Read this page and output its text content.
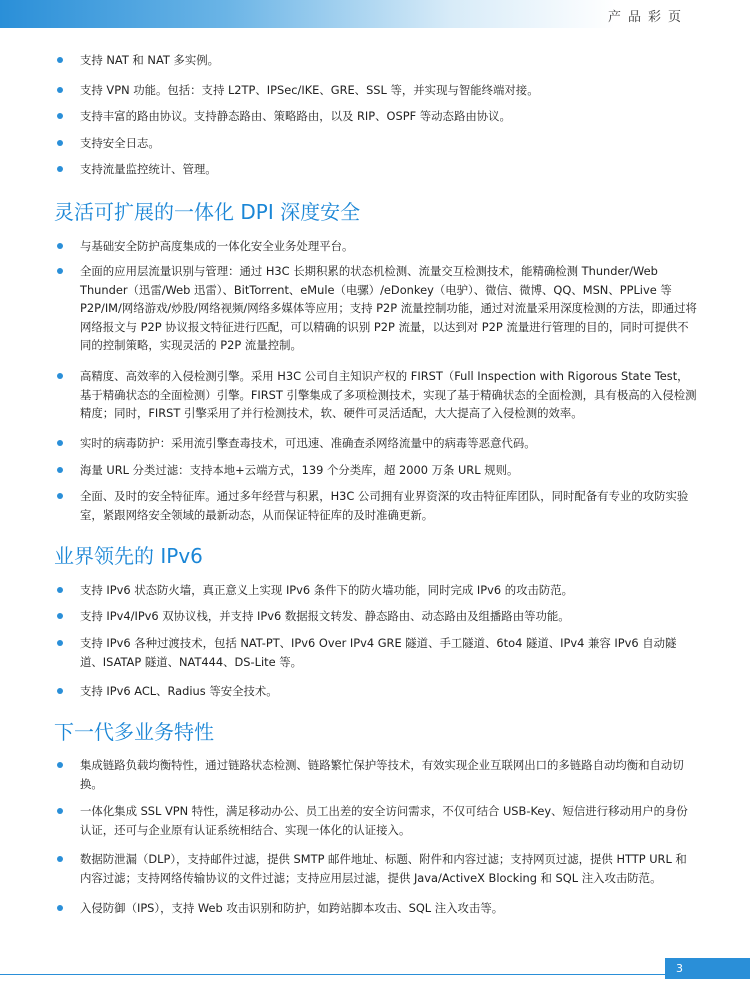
产品彩页
支持 NAT 和 NAT 多实例。
支持 VPN 功能。包括：支持 L2TP、IPSec/IKE、GRE、SSL 等，并实现与智能终端对接。
支持丰富的路由协议。支持静态路由、策略路由，以及 RIP、OSPF 等动态路由协议。
支持安全日志。
支持流量监控统计、管理。
灵活可扩展的一体化 DPI 深度安全
与基础安全防护高度集成的一体化安全业务处理平台。
全面的应用层流量识别与管理：通过 H3C 长期积累的状态机检测、流量交互检测技术，能精确检测 Thunder/Web Thunder（迅雷/Web 迅雷）、BitTorrent、eMule（电骡）/eDonkey（电驴）、微信、微博、QQ、MSN、PPLive 等 P2P/IM/网络游戏/炒股/网络视频/网络多媒体等应用；支持 P2P 流量控制功能，通过对流量采用深度检测的方法，即通过将网络报文与 P2P 协议报文特征进行匹配，可以精确的识别 P2P 流量，以达到对 P2P 流量进行管理的目的，同时可提供不同的控制策略，实现灵活的 P2P 流量控制。
高精度、高效率的入侵检测引擎。采用 H3C 公司自主知识产权的 FIRST（Full Inspection with Rigorous State Test，基于精确状态的全面检测）引擎。FIRST 引擎集成了多项检测技术，实现了基于精确状态的全面检测，具有极高的入侵检测精度；同时，FIRST 引擎采用了并行检测技术，软、硬件可灵活适配，大大提高了入侵检测的效率。
实时的病毒防护：采用流引擎查毒技术，可迅速、准确查杀网络流量中的病毒等恶意代码。
海量 URL 分类过滤：支持本地+云端方式，139 个分类库，超 2000 万条 URL 规则。
全面、及时的安全特征库。通过多年经营与积累，H3C 公司拥有业界资深的攻击特征库团队，同时配备有专业的攻防实验室，紧跟网络安全领域的最新动态，从而保证特征库的及时准确更新。
业界领先的 IPv6
支持 IPv6 状态防火墙，真正意义上实现 IPv6 条件下的防火墙功能，同时完成 IPv6 的攻击防范。
支持 IPv4/IPv6 双协议栈，并支持 IPv6 数据报文转发、静态路由、动态路由及组播路由等功能。
支持 IPv6 各种过渡技术，包括 NAT-PT、IPv6 Over IPv4 GRE 隧道、手工隧道、6to4 隧道、IPv4 兼容 IPv6 自动隧道、ISATAP 隧道、NAT444、DS-Lite 等。
支持 IPv6 ACL、Radius 等安全技术。
下一代多业务特性
集成链路负载均衡特性，通过链路状态检测、链路繁忙保护等技术，有效实现企业互联网出口的多链路自动均衡和自动切换。
一体化集成 SSL VPN 特性，满足移动办公、员工出差的安全访问需求，不仅可结合 USB-Key、短信进行移动用户的身份认证，还可与企业原有认证系统相结合、实现一体化的认证接入。
数据防泄漏（DLP），支持邮件过滤，提供 SMTP 邮件地址、标题、附件和内容过滤；支持网页过滤，提供 HTTP URL 和内容过滤；支持网络传输协议的文件过滤；支持应用层过滤，提供 Java/ActiveX Blocking 和 SQL 注入攻击防范。
入侵防御（IPS），支持 Web 攻击识别和防护，如跨站脚本攻击、SQL 注入攻击等。
3
